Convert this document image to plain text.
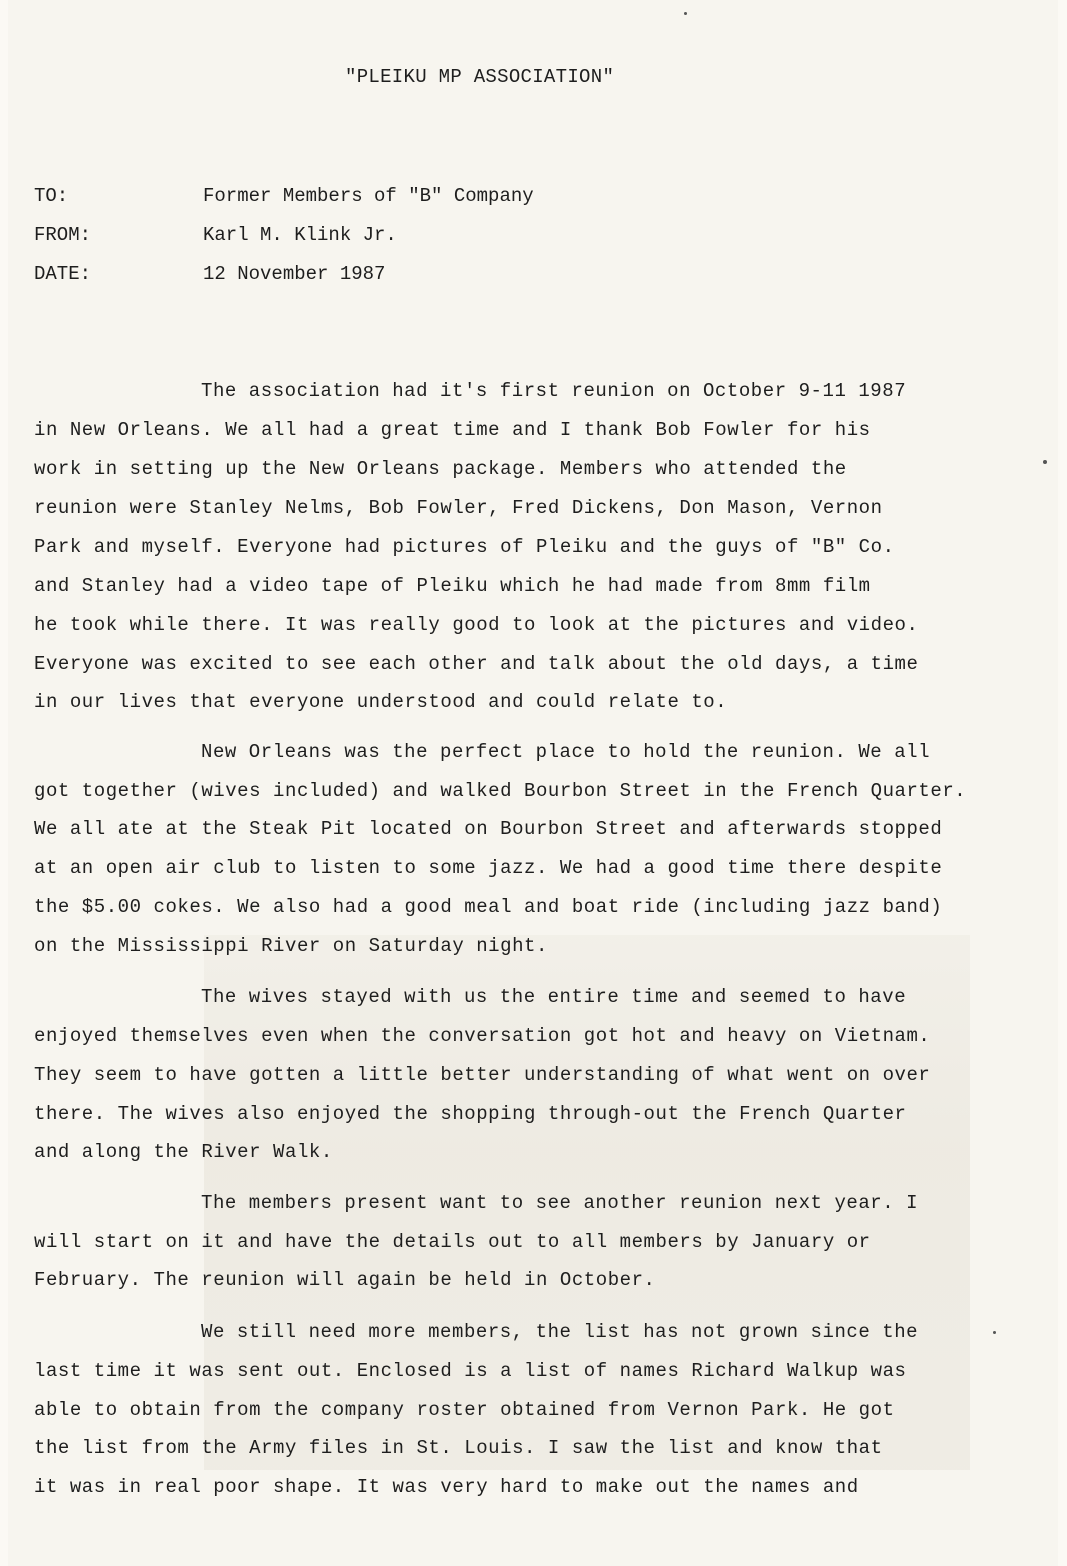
"PLEIKU MP ASSOCIATION"
TO:	Former Members of "B" Company
FROM:	Karl M. Klink Jr.
DATE:	12 November 1987
The association had it's first reunion on October 9-11 1987
in New Orleans. We all had a great time and I thank Bob Fowler for his
work in setting up the New Orleans package. Members who attended the
reunion were Stanley Nelms, Bob Fowler, Fred Dickens, Don Mason, Vernon
Park and myself. Everyone had pictures of Pleiku and the guys of "B" Co.
and Stanley had a video tape of Pleiku which he had made from 8mm film
he took while there. It was really good to look at the pictures and video.
Everyone was excited to see each other and talk about the old days, a time
in our lives that everyone understood and could relate to.
New Orleans was the perfect place to hold the reunion. We all
got together (wives included) and walked Bourbon Street in the French Quarter.
We all ate at the Steak Pit located on Bourbon Street and afterwards stopped
at an open air club to listen to some jazz. We had a good time there despite
the $5.00 cokes. We also had a good meal and boat ride (including jazz band)
on the Mississippi River on Saturday night.
The wives stayed with us the entire time and seemed to have
enjoyed themselves even when the conversation got hot and heavy on Vietnam.
They seem to have gotten a little better understanding of what went on over
there. The wives also enjoyed the shopping through-out the French Quarter
and along the River Walk.
The members present want to see another reunion next year. I
will start on it and have the details out to all members by January or
February. The reunion will again be held in October.
We still need more members, the list has not grown since the
last time it was sent out. Enclosed is a list of names Richard Walkup was
able to obtain from the company roster obtained from Vernon Park. He got
the list from the Army files in St. Louis. I saw the list and know that
it was in real poor shape. It was very hard to make out the names and
